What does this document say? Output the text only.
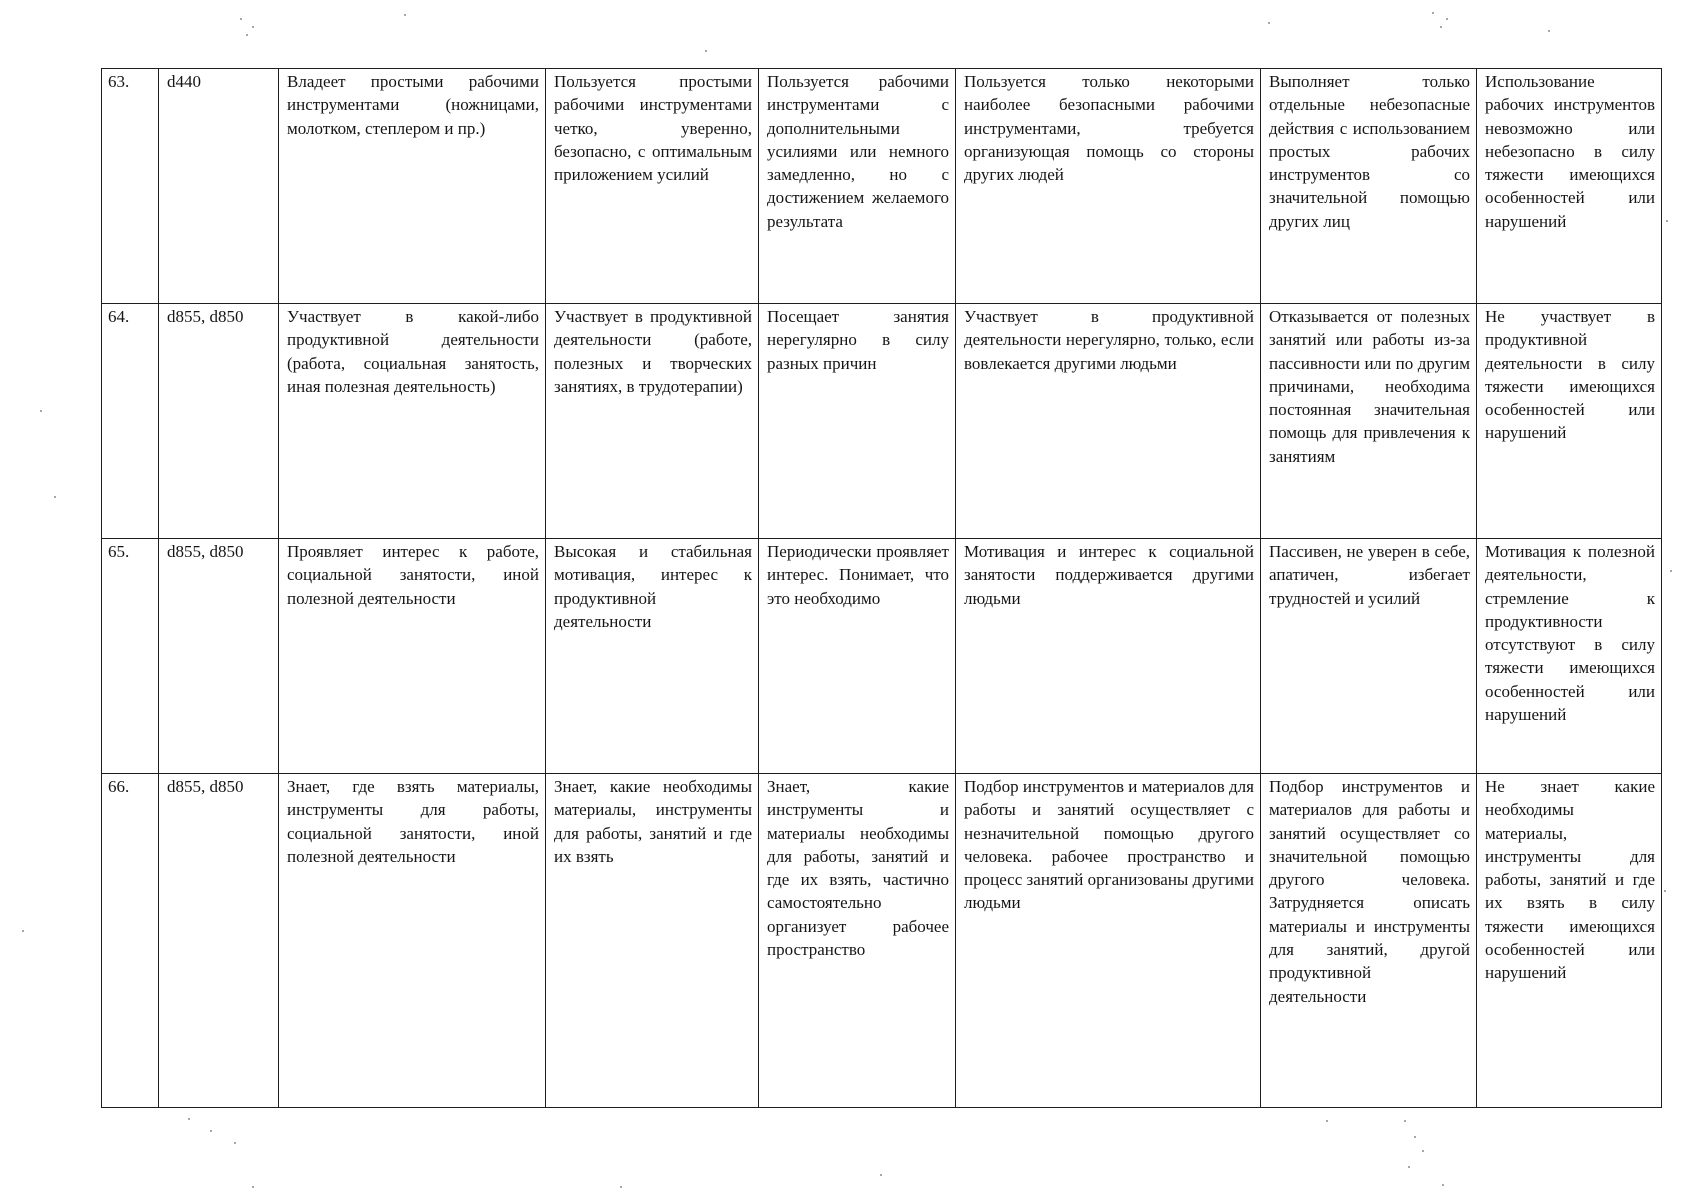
63.	d440	Владеет простыми рабочими инструментами (ножницами, молотком, степлером и пр.)	Пользуется простыми рабочими инструментами четко, уверенно, безопасно, с оптимальным приложением усилий	Пользуется рабочими инструментами с дополнительными усилиями или немного замедленно, но с достижением желаемого результата	Пользуется только некоторыми наиболее безопасными рабочими инструментами, требуется организующая помощь со стороны других людей	Выполняет только отдельные небезопасные действия с использованием простых рабочих инструментов со значительной помощью других лиц	Использование рабочих инструментов невозможно или небезопасно в силу тяжести имеющихся особенностей или нарушений
64.	d855, d850	Участвует в какой-либо продуктивной деятельности (работа, социальная занятость, иная полезная деятельность)	Участвует в продуктивной деятельности (работе, полезных и творческих занятиях, в трудотерапии)	Посещает занятия нерегулярно в силу разных причин	Участвует в продуктивной деятельности нерегулярно, только, если вовлекается другими людьми	Отказывается от полезных занятий или работы из-за пассивности или по другим причинами, необходима постоянная значительная помощь для привлечения к занятиям	Не участвует в продуктивной деятельности в силу тяжести имеющихся особенностей или нарушений
65.	d855, d850	Проявляет интерес к работе, социальной занятости, иной полезной деятельности	Высокая и стабильная мотивация, интерес к продуктивной деятельности	Периодически проявляет интерес. Понимает, что это необходимо	Мотивация и интерес к социальной занятости поддерживается другими людьми	Пассивен, не уверен в себе, апатичен, избегает трудностей и усилий	Мотивация к полезной деятельности, стремление к продуктивности отсутствуют в силу тяжести имеющихся особенностей или нарушений
66.	d855, d850	Знает, где взять материалы, инструменты для работы, социальной занятости, иной полезной деятельности	Знает, какие необходимы материалы, инструменты для работы, занятий и где их взять	Знает, какие инструменты и материалы необходимы для работы, занятий и где их взять, частично самостоятельно организует рабочее пространство	Подбор инструментов и материалов для работы и занятий осуществляет с незначительной помощью другого человека. рабочее пространство и процесс занятий организованы другими людьми	Подбор инструментов и материалов для работы и занятий осуществляет со значительной помощью другого человека. Затрудняется описать материалы и инструменты для занятий, другой продуктивной деятельности	Не знает какие необходимы материалы, инструменты для работы, занятий и где их взять в силу тяжести имеющихся особенностей или нарушений
